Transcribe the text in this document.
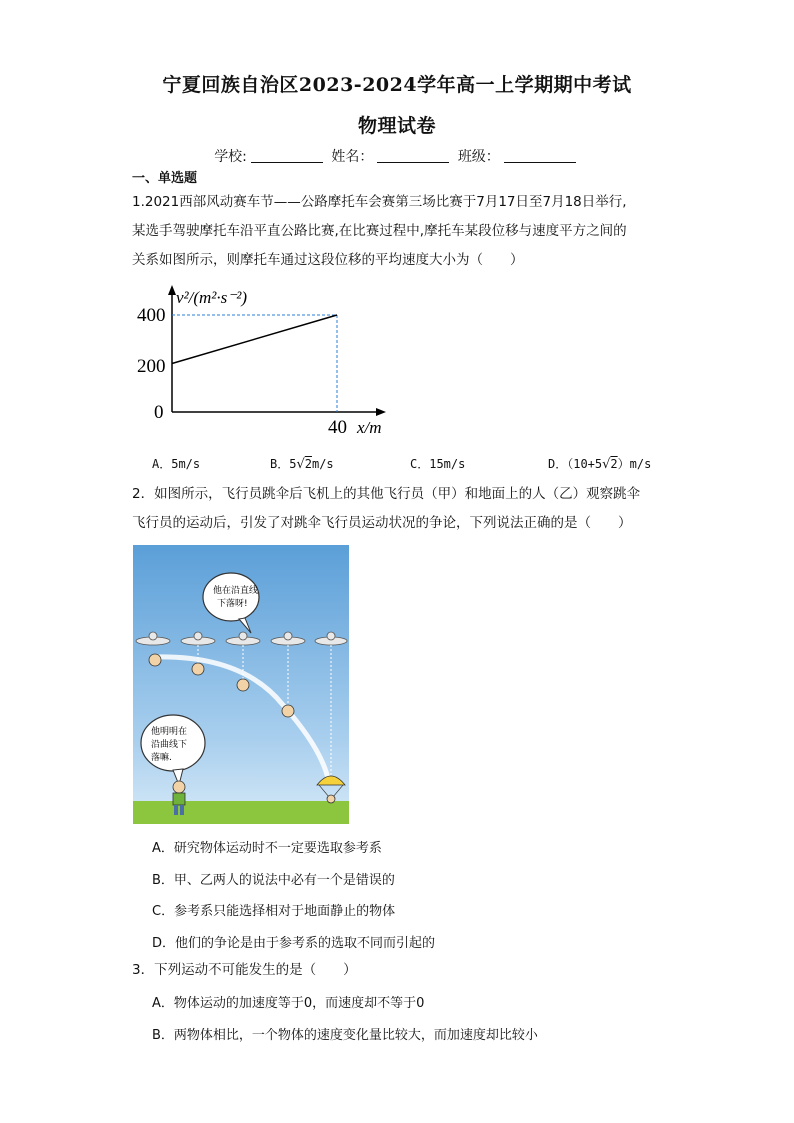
宁夏回族自治区2023-2024学年高一上学期期中考试
物理试卷
学校:	姓名：	班级：
一、单选题
1.2021西部风动赛车节——公路摩托车会赛第三场比赛于7月17日至7月18日举行,
某选手驾驶摩托车沿平直公路比赛,在比赛过程中,摩托车某段位移与速度平方之间的
关系如图所示，则摩托车通过这段位移的平均速度大小为（　　）
400
200
0
40
v²/(m²·s⁻²)
x/m
A．5m/s	B．5√2m/s	C．15m/s	D．（10+5√2）m/s
2．如图所示，飞行员跳伞后飞机上的其他飞行员（甲）和地面上的人（乙）观察跳伞
飞行员的运动后，引发了对跳伞飞行员运动状况的争论，下列说法正确的是（　　）
他在沿直线
下落呀!
他明明在
沿曲线下
落嘛.
A．研究物体运动时不一定要选取参考系
B．甲、乙两人的说法中必有一个是错误的
C．参考系只能选择相对于地面静止的物体
D．他们的争论是由于参考系的选取不同而引起的
3．下列运动不可能发生的是（　　）
A．物体运动的加速度等于0，而速度却不等于0
B．两物体相比，一个物体的速度变化量比较大，而加速度却比较小
